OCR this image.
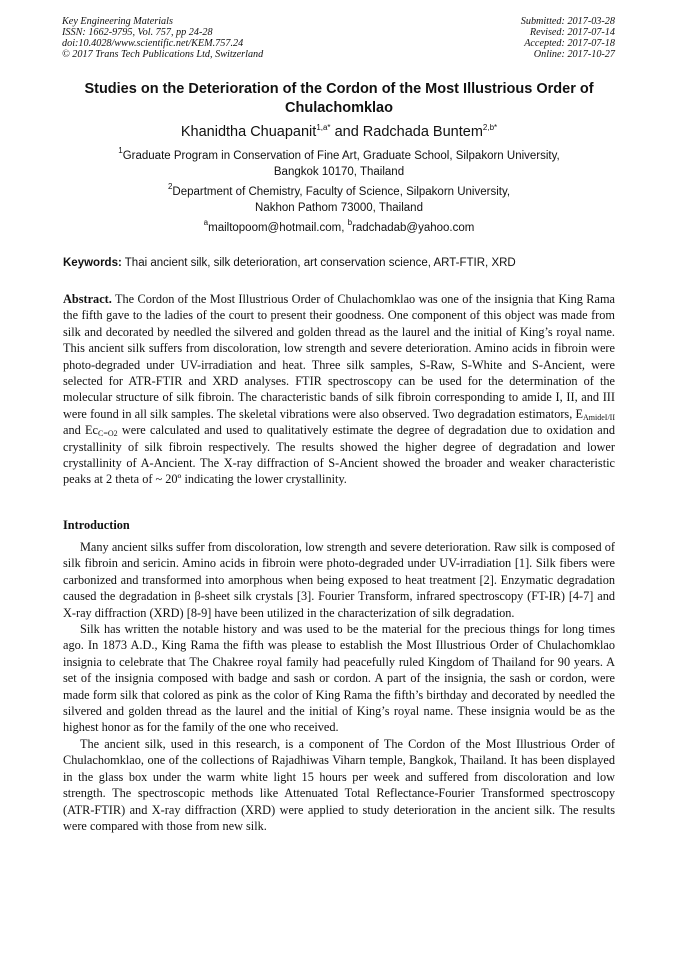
Key Engineering Materials
ISSN: 1662-9795, Vol. 757, pp 24-28
doi:10.4028/www.scientific.net/KEM.757.24
© 2017 Trans Tech Publications Ltd, Switzerland
Submitted: 2017-03-28
Revised: 2017-07-14
Accepted: 2017-07-18
Online: 2017-10-27
Studies on the Deterioration of the Cordon of the Most Illustrious Order of Chulachomklao
Khanidtha Chuapanit$^{1,a*}$ and Radchada Buntem$^{2,b*}$
$^1$Graduate Program in Conservation of Fine Art, Graduate School, Silpakorn University,
Bangkok 10170, Thailand
$^2$Department of Chemistry, Faculty of Science, Silpakorn University,
Nakhon Pathom 73000, Thailand
$^a$mailtopoom@hotmail.com, $^b$radchadab@yahoo.com
Keywords: Thai ancient silk, silk deterioration, art conservation science, ART-FTIR, XRD

Abstract. The Cordon of the Most Illustrious Order of Chulachomklao was one of the insignia that King Rama the fifth gave to the ladies of the court to present their goodness. One component of this object was made from silk and decorated by needled the silvered and golden thread as the laurel and the initial of King’s royal name. This ancient silk suffers from discoloration, low strength and severe deterioration. Amino acids in fibroin were photo-degraded under UV-irradiation and heat. Three silk samples, S-Raw, S-White and S-Ancient, were selected for ATR-FTIR and XRD analyses. FTIR spectroscopy can be used for the determination of the molecular structure of silk fibroin. The characteristic bands of silk fibroin corresponding to amide I, II, and III were found in all silk samples. The skeletal vibrations were also observed. Two degradation estimators, $E_{AmideI/II}$ and $Ec_{C=O2}$ were calculated and used to qualitatively estimate the degree of degradation due to oxidation and crystallinity of silk fibroin respectively. The results showed the higher degree of degradation and lower crystallinity of A-Ancient. The X-ray diffraction of S-Ancient showed the broader and weaker characteristic peaks at 2 theta of ~ 20º indicating the lower crystallinity.

Introduction

Many ancient silks suffer from discoloration, low strength and severe deterioration. Raw silk is composed of silk fibroin and sericin. Amino acids in fibroin were photo-degraded under UV-irradiation [1]. Silk fibers were carbonized and transformed into amorphous when being exposed to heat treatment [2]. Enzymatic degradation caused the degradation in β-sheet silk crystals [3]. Fourier Transform, infrared spectroscopy (FT-IR) [4-7] and X-ray diffraction (XRD) [8-9] have been utilized in the characterization of silk degradation.

Silk has written the notable history and was used to be the material for the precious things for long times ago. In 1873 A.D., King Rama the fifth was please to establish the Most Illustrious Order of Chulachomklao insignia to celebrate that The Chakree royal family had peacefully ruled Kingdom of Thailand for 90 years. A set of the insignia composed with badge and sash or cordon. A part of the insignia, the sash or cordon, were made form silk that colored as pink as the color of King Rama the fifth’s birthday and decorated by needled the silvered and golden thread as the laurel and the initial of King’s royal name. These insignia would be as the highest honor as for the family of the one who received.

The ancient silk, used in this research, is a component of The Cordon of the Most Illustrious Order of Chulachomklao, one of the collections of Rajadhiwas Viharn temple, Bangkok, Thailand. It has been displayed in the glass box under the warm white light 15 hours per week and suffered from discoloration and low strength. The spectroscopic methods like Attenuated Total Reflectance-Fourier Transformed spectroscopy (ATR-FTIR) and X-ray diffraction (XRD) were applied to study deterioration in the ancient silk. The results were compared with those from new silk.
